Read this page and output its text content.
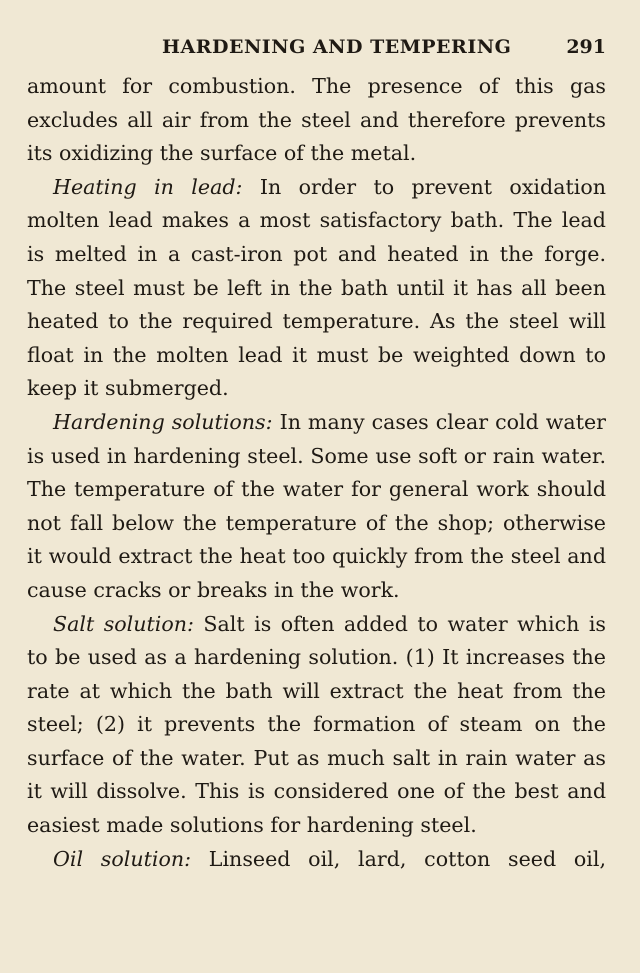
HARDENING AND TEMPERING	291

amount for combustion. The presence of this gas excludes all air from the steel and therefore prevents its oxidizing the surface of the metal.

Heating in lead: In order to prevent oxidation molten lead makes a most satisfactory bath. The lead is melted in a cast-iron pot and heated in the forge. The steel must be left in the bath until it has all been heated to the required temperature. As the steel will float in the molten lead it must be weighted down to keep it submerged.

Hardening solutions: In many cases clear cold water is used in hardening steel. Some use soft or rain water. The temperature of the water for general work should not fall below the temperature of the shop; otherwise it would extract the heat too quickly from the steel and cause cracks or breaks in the work.

Salt solution: Salt is often added to water which is to be used as a hardening solution. (1) It increases the rate at which the bath will extract the heat from the steel; (2) it prevents the formation of steam on the surface of the water. Put as much salt in rain water as it will dissolve. This is considered one of the best and easiest made solutions for hardening steel.

Oil solution: Linseed oil, lard, cotton seed oil,
